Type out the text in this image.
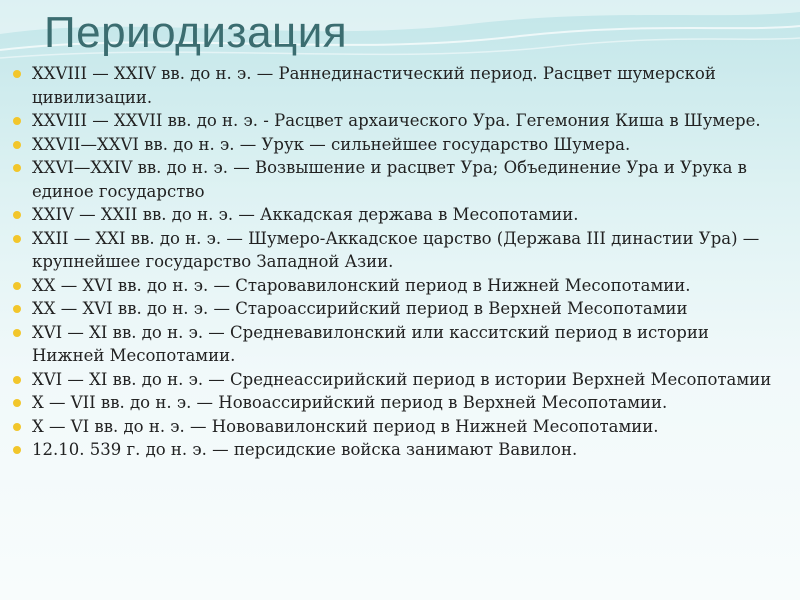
Периодизация
XXVIII — XXIV вв. до н. э. — Раннединастический период. Расцвет шумерской цивилизации.
XXVIII — XXVII вв. до н. э. - Расцвет архаического Ура. Гегемония Киша в Шумере.
XXVII—XXVI вв. до н. э. — Урук — сильнейшее государство Шумера.
XXVI—XXIV вв. до н. э. — Возвышение и расцвет Ура; Объединение Ура и Урука в единое государство
XXIV — XXII вв. до н. э. — Аккадская держава в Месопотамии.
XXII — XXI вв. до н. э. — Шумеро-Аккадское царство (Держава III династии Ура) — крупнейшее государство Западной Азии.
XX — XVI вв. до н. э. — Старовавилонский период в Нижней Месопотамии.
XX — XVI вв. до н. э. — Староассирийский период в Верхней Месопотамии
XVI — XI вв. до н. э. — Средневавилонский или касситский период в истории Нижней Месопотамии.
XVI — XI вв. до н. э. — Среднеассирийский период в истории Верхней Месопотамии
X — VII вв. до н. э. — Новоассирийский период в Верхней Месопотамии.
X — VI вв. до н. э. — Нововавилонский период в Нижней Месопотамии.
12.10. 539 г. до н. э. — персидские войска занимают Вавилон.
